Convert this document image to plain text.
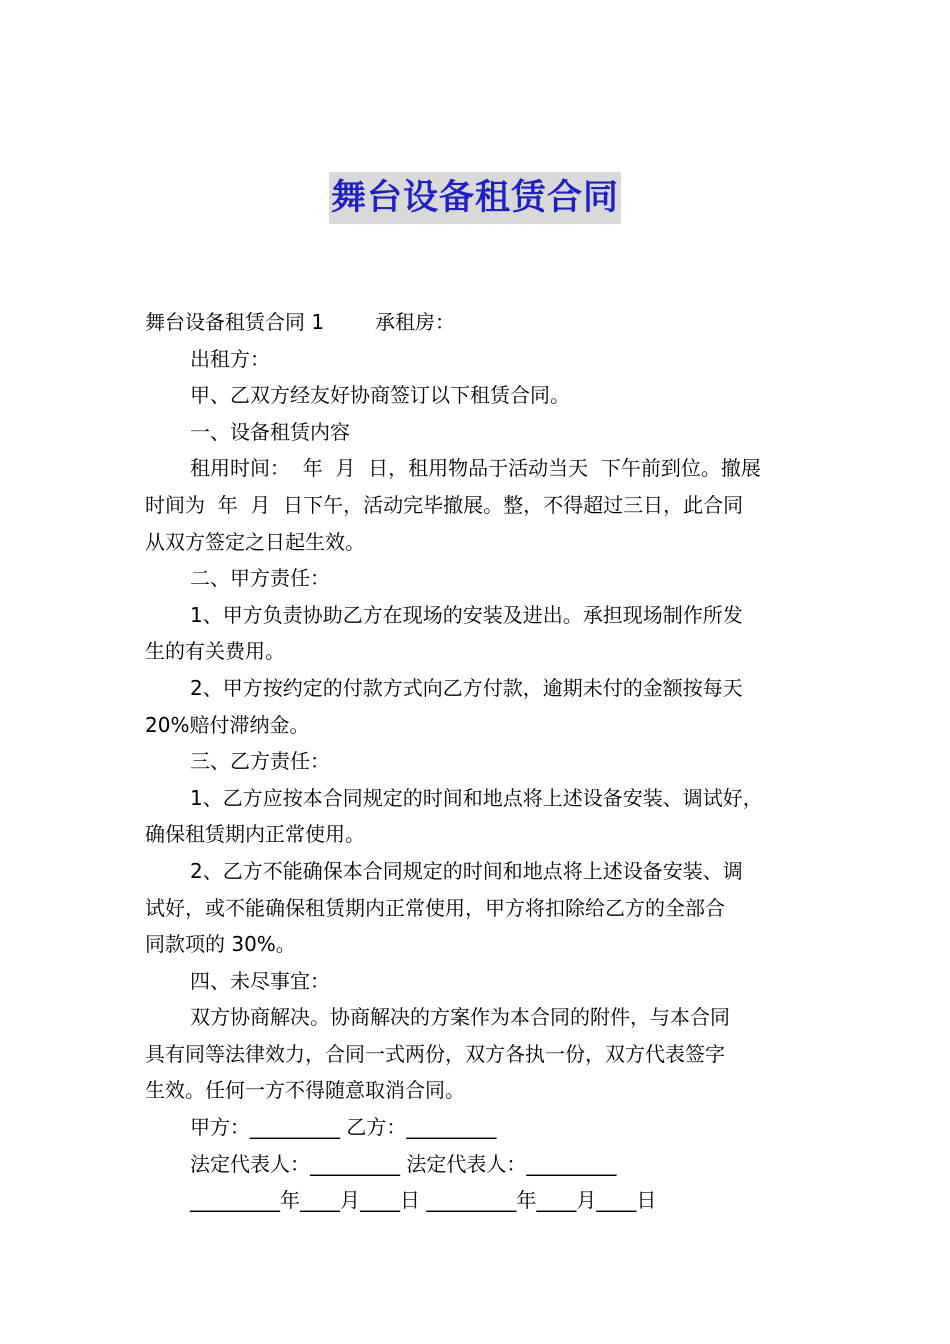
舞台设备租赁合同

舞台设备租赁合同 1        承租房：

出租方：

甲、乙双方经友好协商签订以下租赁合同。

一、设备租赁内容

租用时间：  年  月  日，租用物品于活动当天  下午前到位。撤展

时间为  年  月  日下午，活动完毕撤展。整，不得超过三日，此合同

从双方签定之日起生效。

二、甲方责任：

1、甲方负责协助乙方在现场的安装及进出。承担现场制作所发

生的有关费用。

2、甲方按约定的付款方式向乙方付款，逾期未付的金额按每天

20%赔付滞纳金。

三、乙方责任：

1、乙方应按本合同规定的时间和地点将上述设备安装、调试好，

确保租赁期内正常使用。

2、乙方不能确保本合同规定的时间和地点将上述设备安装、调

试好，或不能确保租赁期内正常使用，甲方将扣除给乙方的全部合

同款项的 30%。

四、未尽事宜：

双方协商解决。协商解决的方案作为本合同的附件，与本合同

具有同等法律效力，合同一式两份，双方各执一份，双方代表签字

生效。任何一方不得随意取消合同。

甲方：_________ 乙方：_________

法定代表人：_________ 法定代表人：_________

_________年____月____日 _________年____月____日
